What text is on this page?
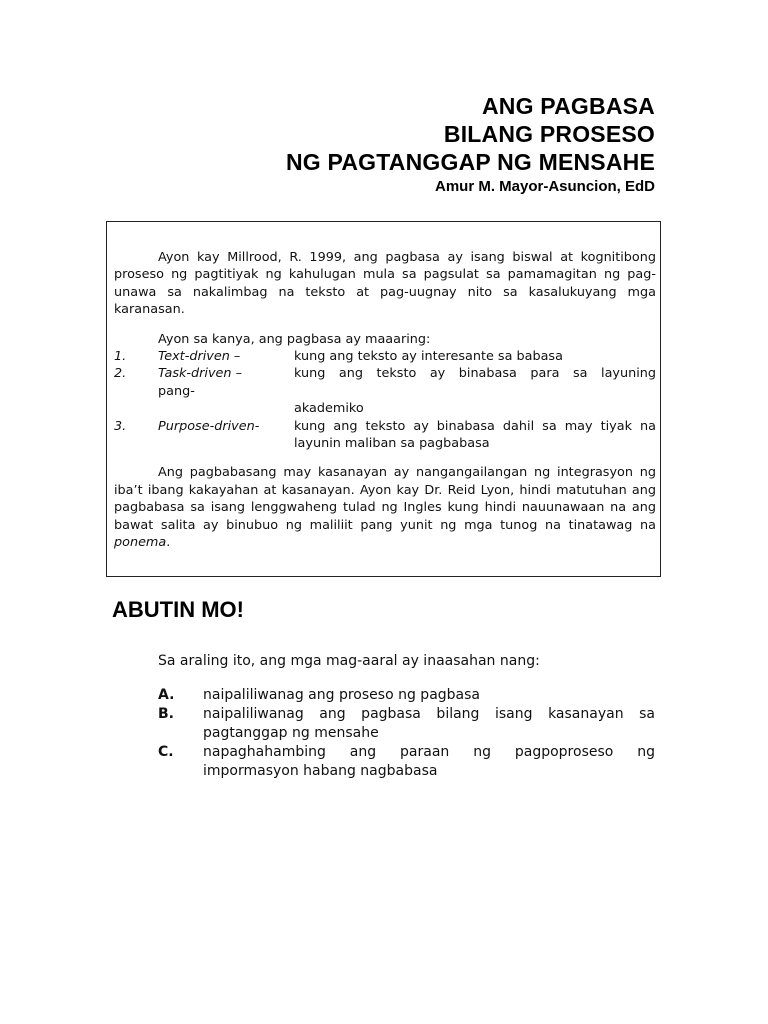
ANG PAGBASA
BILANG PROSESO
NG PAGTANGGAP NG MENSAHE
Amur M. Mayor-Asuncion, EdD

Ayon kay Millrood, R. 1999, ang pagbasa ay isang biswal at kognitibong proseso ng pagtitiyak ng kahulugan mula sa pagsulat sa pamamagitan ng pag-unawa sa nakalimbag na teksto at pag-uugnay nito sa kasalukuyang mga karanasan.

Ayon sa kanya, ang pagbasa ay maaaring:

1. Text-driven –	kung ang teksto ay interesante sa babasa
2. Task-driven –	kung ang teksto ay binabasa para sa layuning
pang-
akademiko
3. Purpose-driven-	kung ang teksto ay binabasa dahil sa may tiyak na layunin maliban sa pagbabasa

Ang pagbabasang may kasanayan ay nangangailangan ng integrasyon ng iba’t ibang kakayahan at kasanayan. Ayon kay Dr. Reid Lyon, hindi matutuhan ang pagbabasa sa isang lenggwaheng tulad ng Ingles kung hindi nauunawaan na ang bawat salita ay binubuo ng maliliit pang yunit ng mga tunog na tinatawag na ponema.

ABUTIN MO!
Sa araling ito, ang mga mag-aaral ay inaasahan nang:
A. naipaliliwanag ang proseso ng pagbasa
B. naipaliliwanag ang pagbasa bilang isang kasanayan sa pagtanggap ng mensahe
C. napaghahambing ang paraan ng pagpoproseso ng impormasyon habang nagbabasa
